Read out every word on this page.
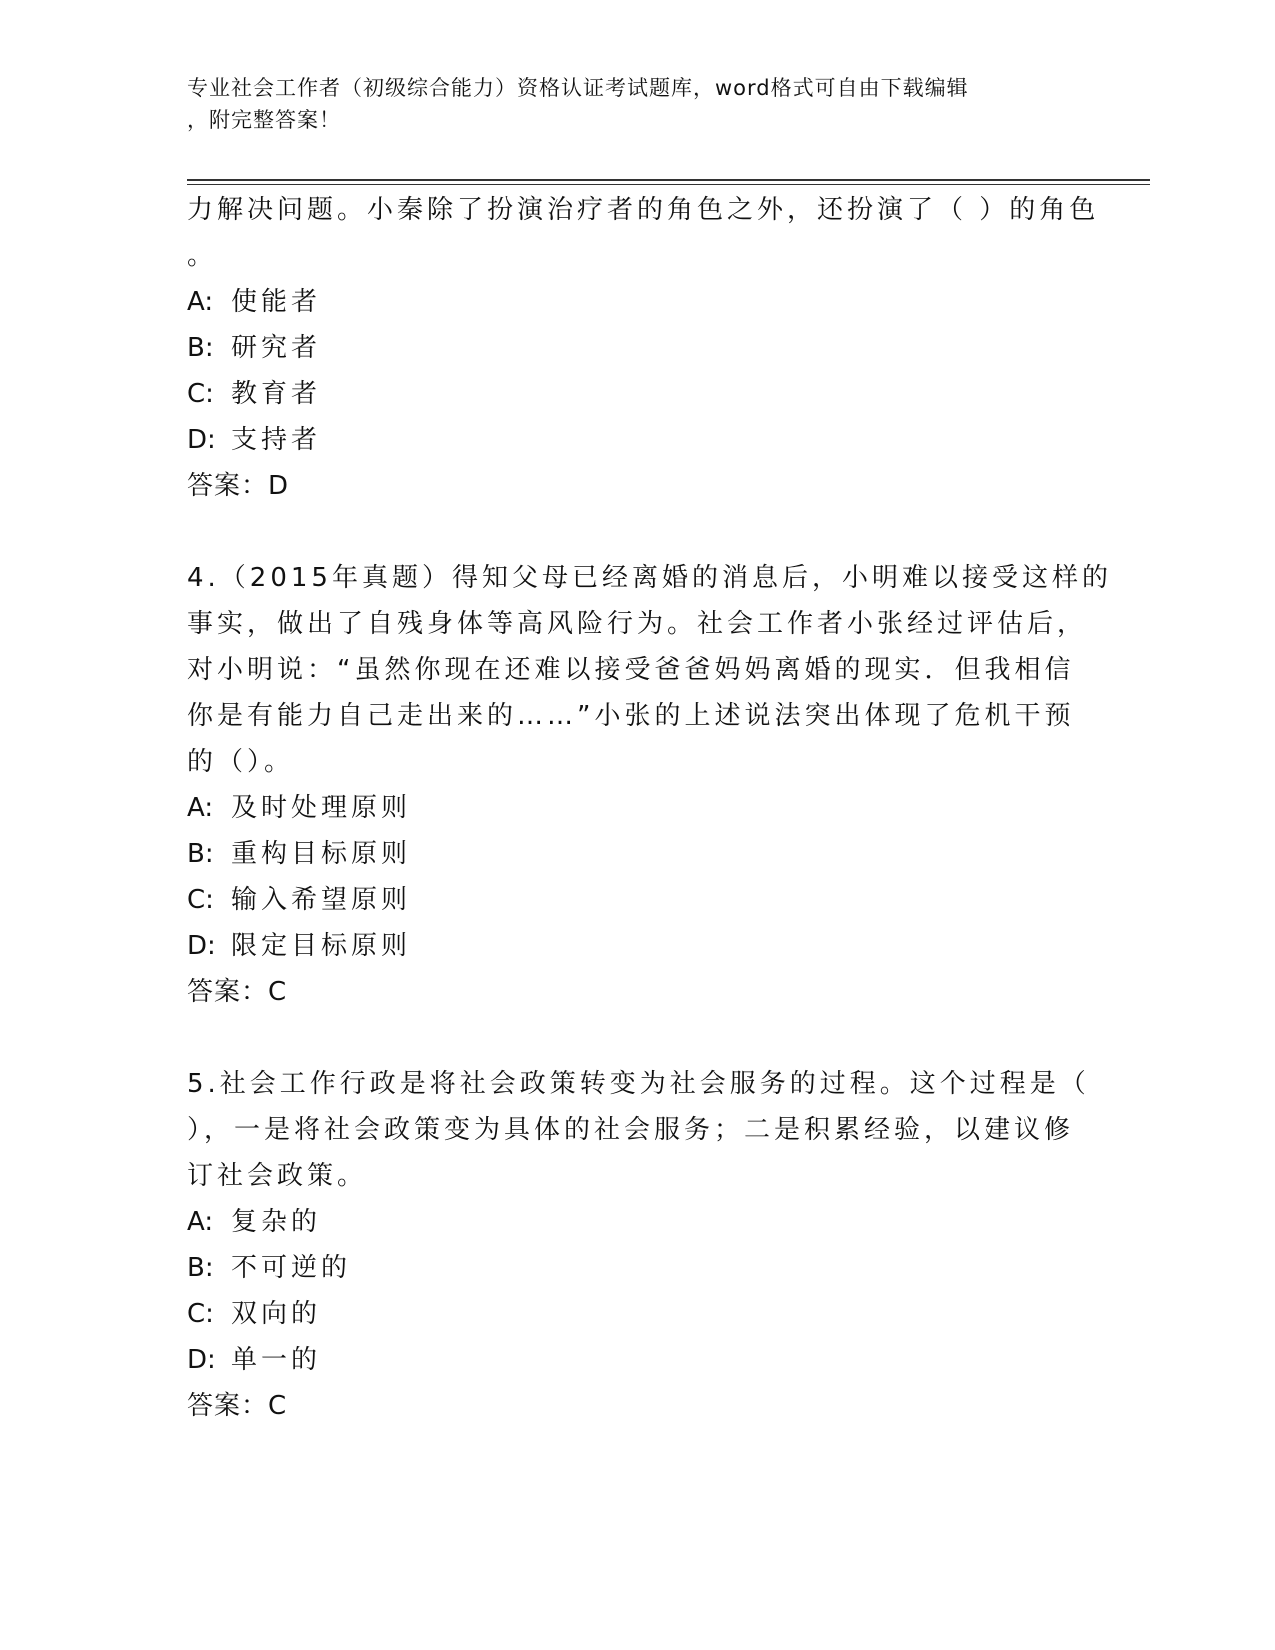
专业社会工作者（初级综合能力）资格认证考试题库，word格式可自由下载编辑
，附完整答案！
力解决问题。小秦除了扮演治疗者的角色之外，还扮演了（ ）的角色
。
A: 使能者
B: 研究者
C: 教育者
D: 支持者
答案：D
4.（2015年真题）得知父母已经离婚的消息后，小明难以接受这样的
事实，做出了自残身体等高风险行为。社会工作者小张经过评估后，
对小明说：“虽然你现在还难以接受爸爸妈妈离婚的现实．但我相信
你是有能力自己走出来的……”小张的上述说法突出体现了危机干预
的（）。
A: 及时处理原则
B: 重构目标原则
C: 输入希望原则
D: 限定目标原则
答案：C
5.社会工作行政是将社会政策转变为社会服务的过程。这个过程是（
），一是将社会政策变为具体的社会服务；二是积累经验，以建议修
订社会政策。
A: 复杂的
B: 不可逆的
C: 双向的
D: 单一的
答案：C
